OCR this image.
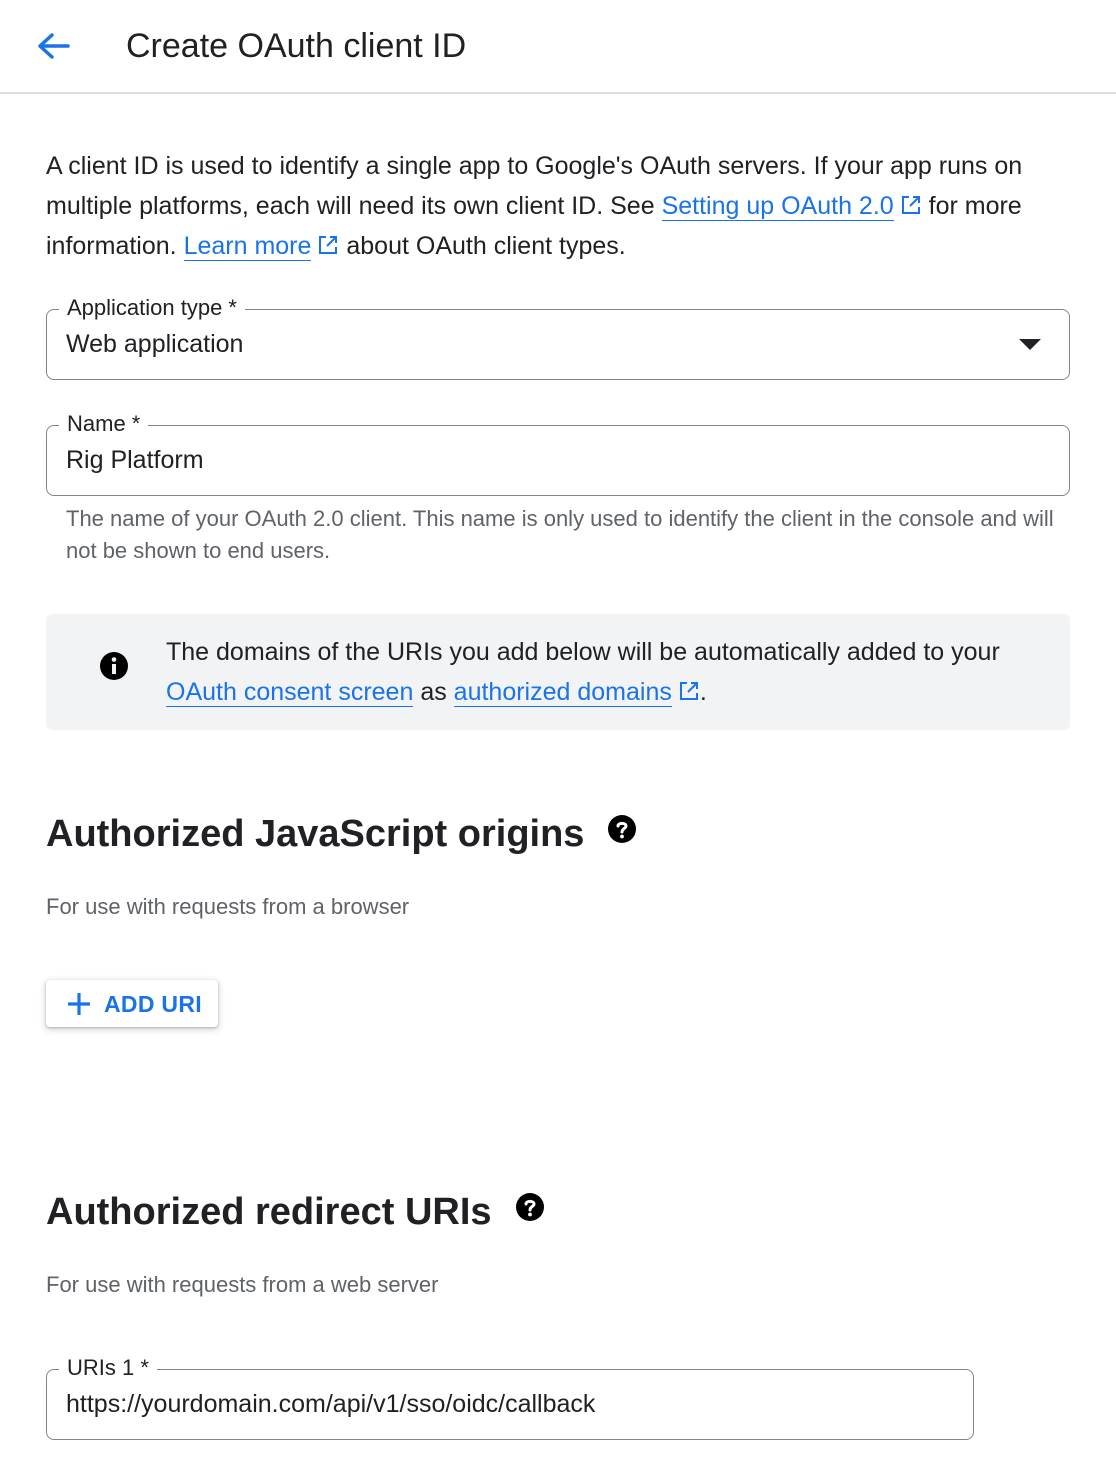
Create OAuth client ID
A client ID is used to identify a single app to Google's OAuth servers. If your app runs on multiple platforms, each will need its own client ID. See Setting up OAuth 2.0 for more information. Learn more about OAuth client types.
Application type *
Web application
Name *
Rig Platform
The name of your OAuth 2.0 client. This name is only used to identify the client in the console and will not be shown to end users.
The domains of the URIs you add below will be automatically added to your OAuth consent screen as authorized domains .
Authorized JavaScript origins
For use with requests from a browser
ADD URI
Authorized redirect URIs
For use with requests from a web server
URIs 1 *
https://yourdomain.com/api/v1/sso/oidc/callback
